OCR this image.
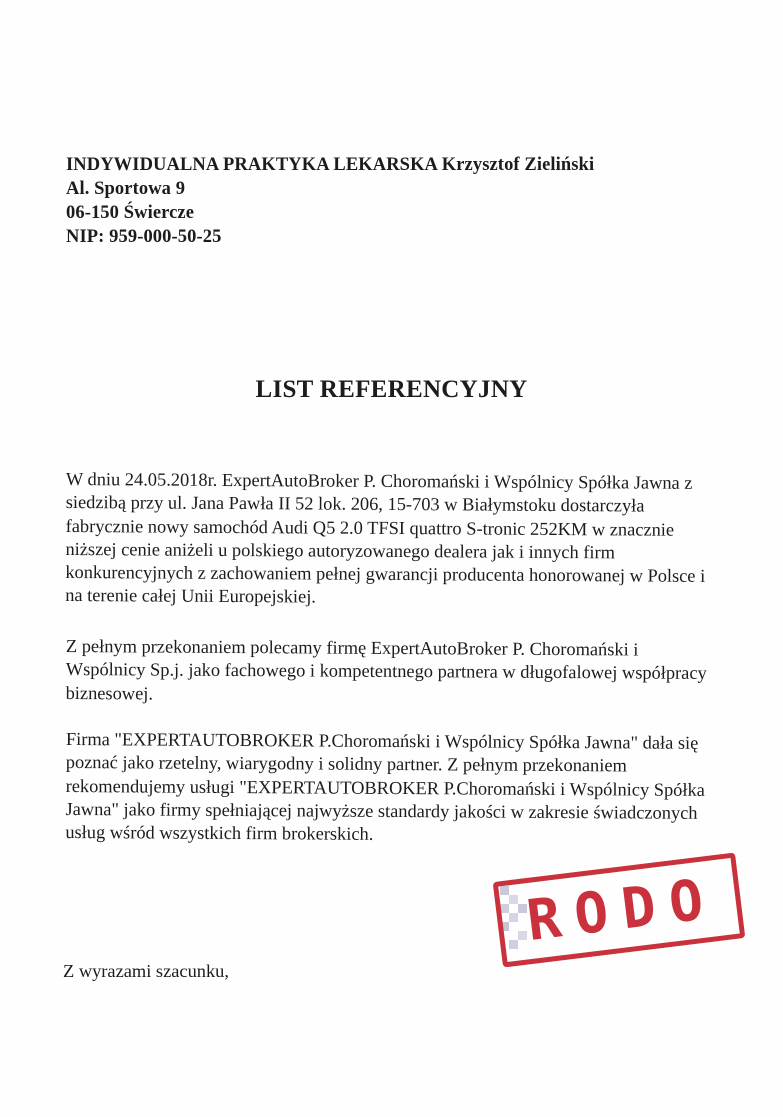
INDYWIDUALNA PRAKTYKA LEKARSKA Krzysztof Zieliński
Al. Sportowa 9
06-150 Świercze
NIP: 959-000-50-25
LIST REFERENCYJNY
W dniu 24.05.2018r. ExpertAutoBroker P. Choromański i Wspólnicy Spółka Jawna z siedzibą przy ul. Jana Pawła II 52 lok. 206, 15-703 w Białymstoku dostarczyła fabrycznie nowy samochód Audi Q5 2.0 TFSI quattro S-tronic 252KM w znacznie niższej cenie aniżeli u polskiego autoryzowanego dealera jak i innych firm konkurencyjnych z zachowaniem pełnej gwarancji producenta honorowanej w Polsce i na terenie całej Unii Europejskiej.
Z pełnym przekonaniem polecamy firmę ExpertAutoBroker P. Choromański i Wspólnicy Sp.j. jako fachowego i kompetentnego partnera w długofalowej współpracy biznesowej.
Firma "EXPERTAUTOBROKER P.Choromański i Wspólnicy Spółka Jawna" dała się poznać jako rzetelny, wiarygodny i solidny partner. Z pełnym przekonaniem rekomendujemy usługi "EXPERTAUTOBROKER P.Choromański i Wspólnicy Spółka Jawna" jako firmy spełniającej najwyższe standardy jakości w zakresie świadczonych usług wśród wszystkich firm brokerskich.
RODO
Z wyrazami szacunku,
